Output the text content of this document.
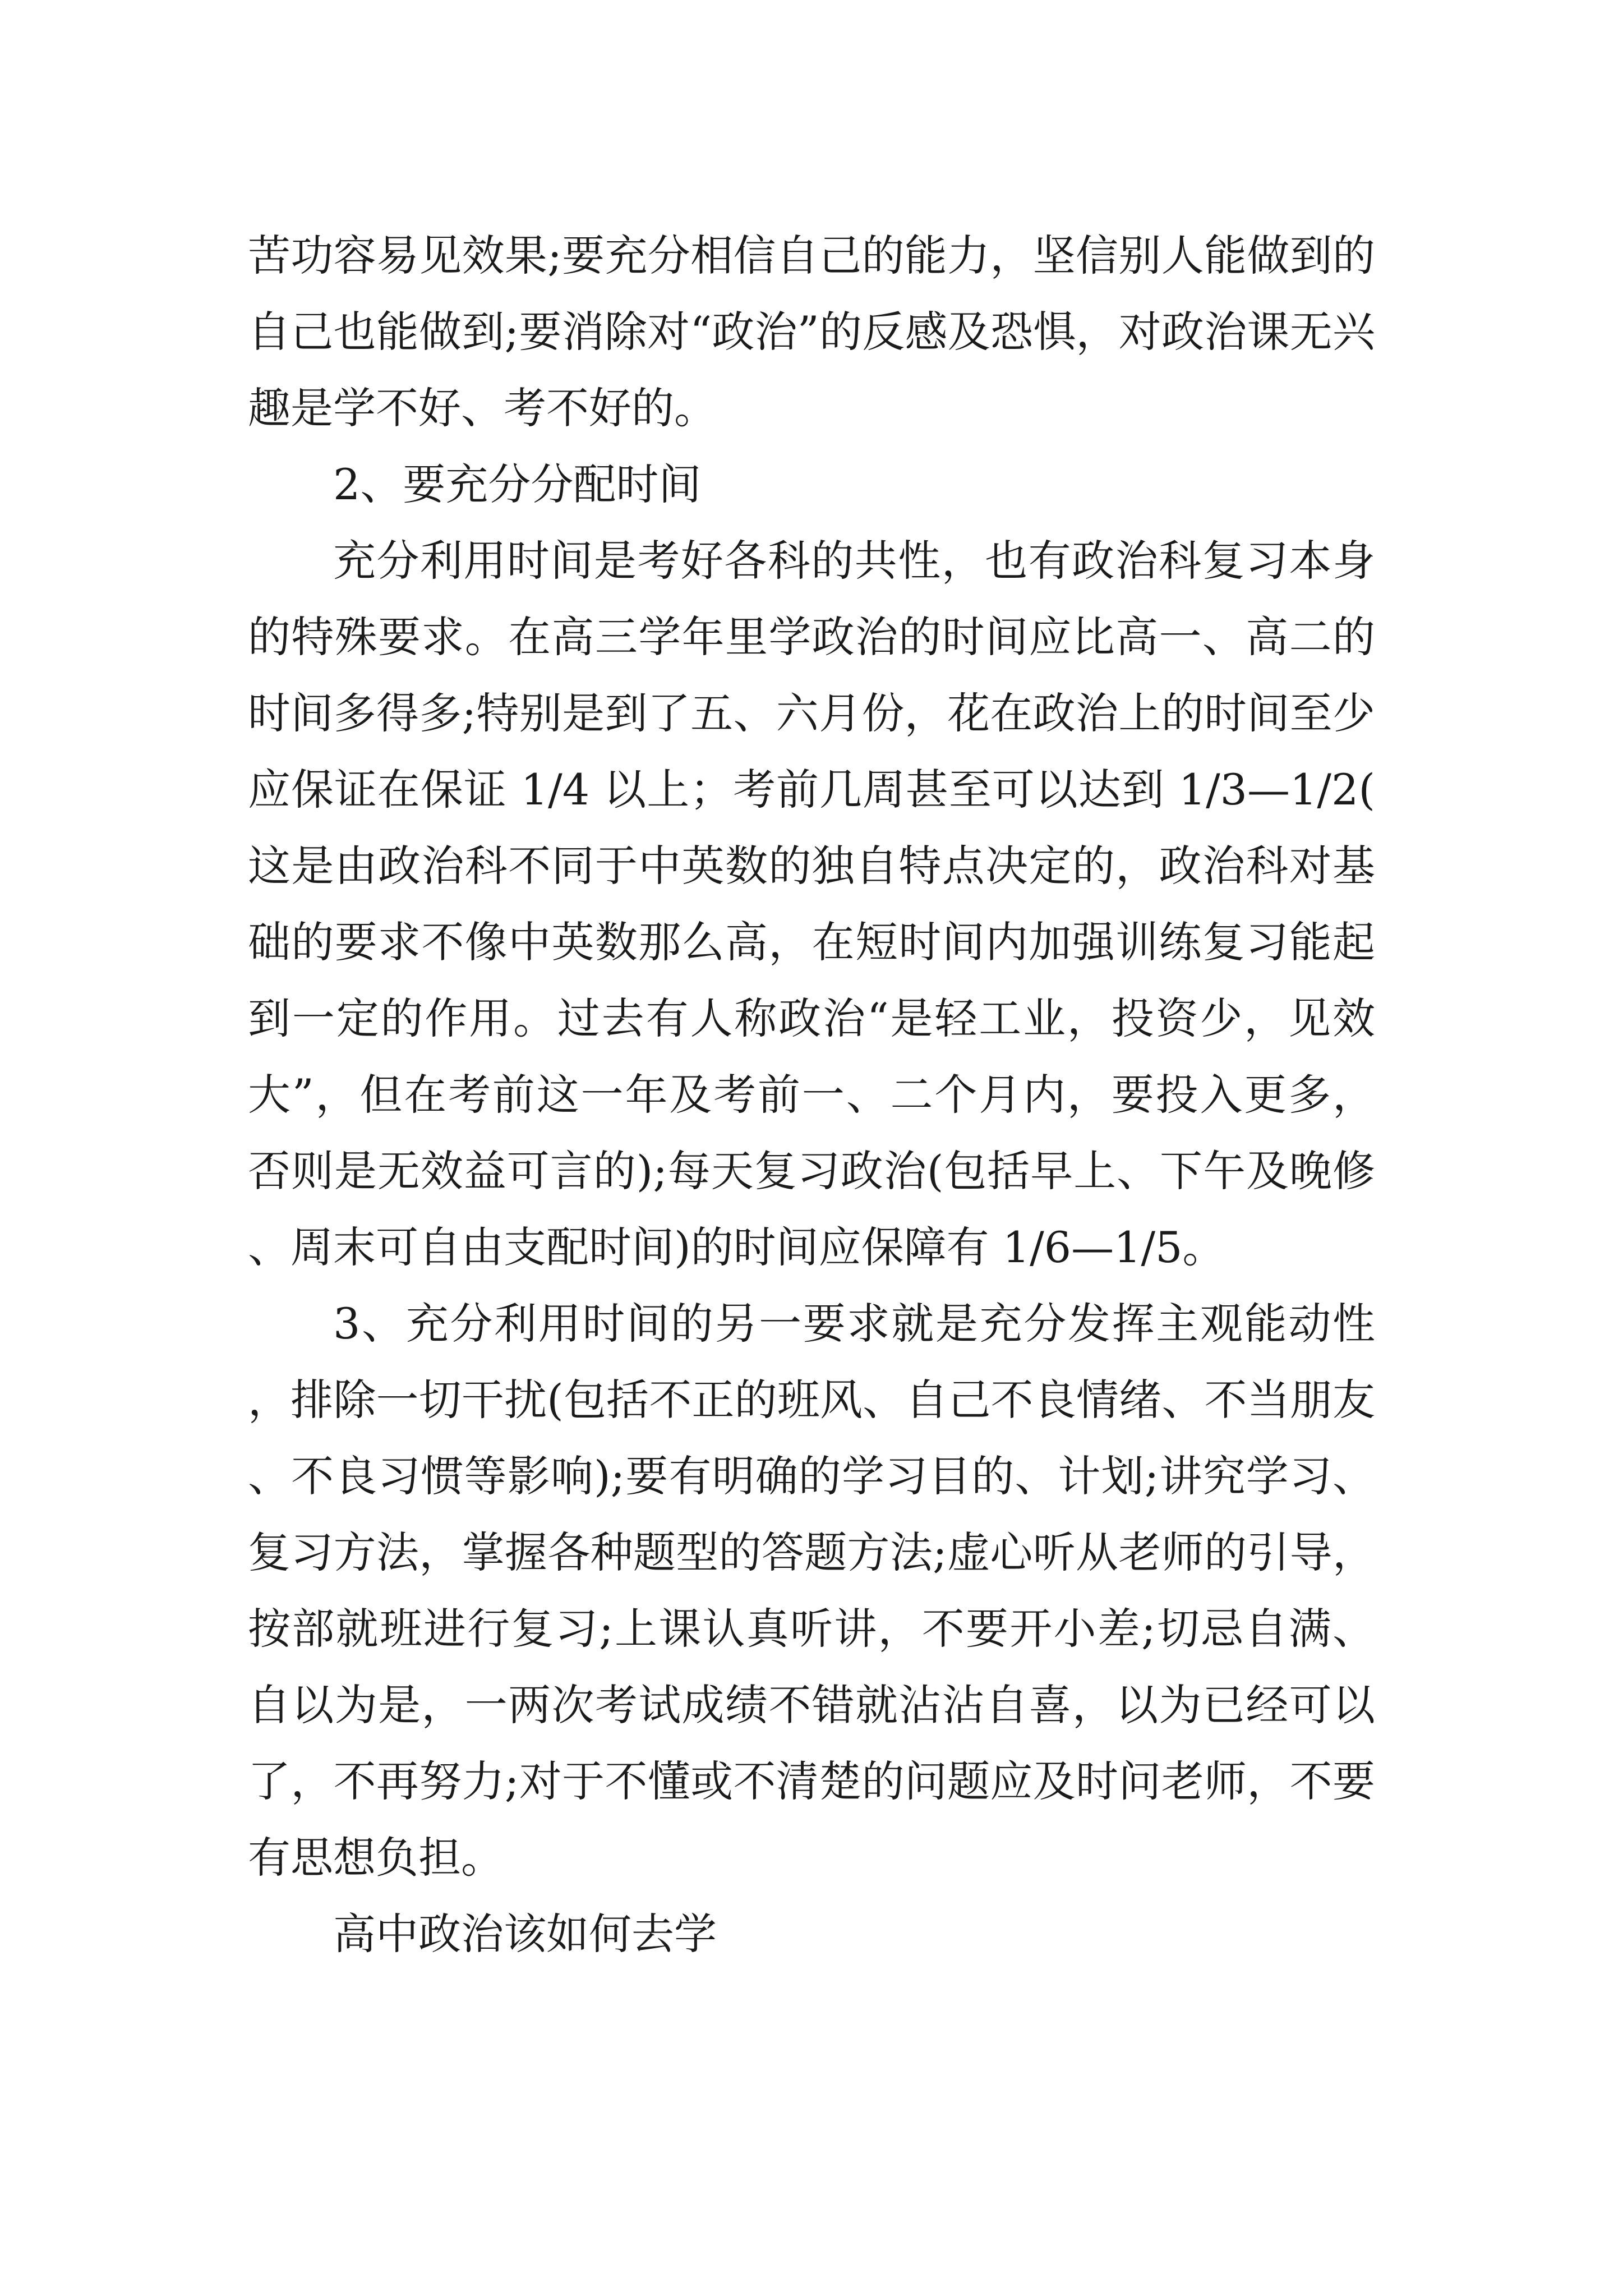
苦功容易见效果;要充分相信自己的能力，坚信别人能做到的自己也能做到;要消除对“政治”的反感及恐惧，对政治课无兴趣是学不好、考不好的。

2、要充分分配时间

充分利用时间是考好各科的共性，也有政治科复习本身的特殊要求。在高三学年里学政治的时间应比高一、高二的时间多得多;特别是到了五、六月份，花在政治上的时间至少应保证在保证 1/4 以上；考前几周甚至可以达到 1/3—1/2(这是由政治科不同于中英数的独自特点决定的，政治科对基础的要求不像中英数那么高，在短时间内加强训练复习能起到一定的作用。过去有人称政治“是轻工业，投资少，见效大”，但在考前这一年及考前一、二个月内，要投入更多，否则是无效益可言的);每天复习政治(包括早上、下午及晚修、周末可自由支配时间)的时间应保障有 1/6—1/5。

3、充分利用时间的另一要求就是充分发挥主观能动性，排除一切干扰(包括不正的班风、自己不良情绪、不当朋友、不良习惯等影响);要有明确的学习目的、计划;讲究学习、复习方法，掌握各种题型的答题方法;虚心听从老师的引导，按部就班进行复习;上课认真听讲，不要开小差;切忌自满、自以为是，一两次考试成绩不错就沾沾自喜，以为已经可以了，不再努力;对于不懂或不清楚的问题应及时问老师，不要有思想负担。

高中政治该如何去学
